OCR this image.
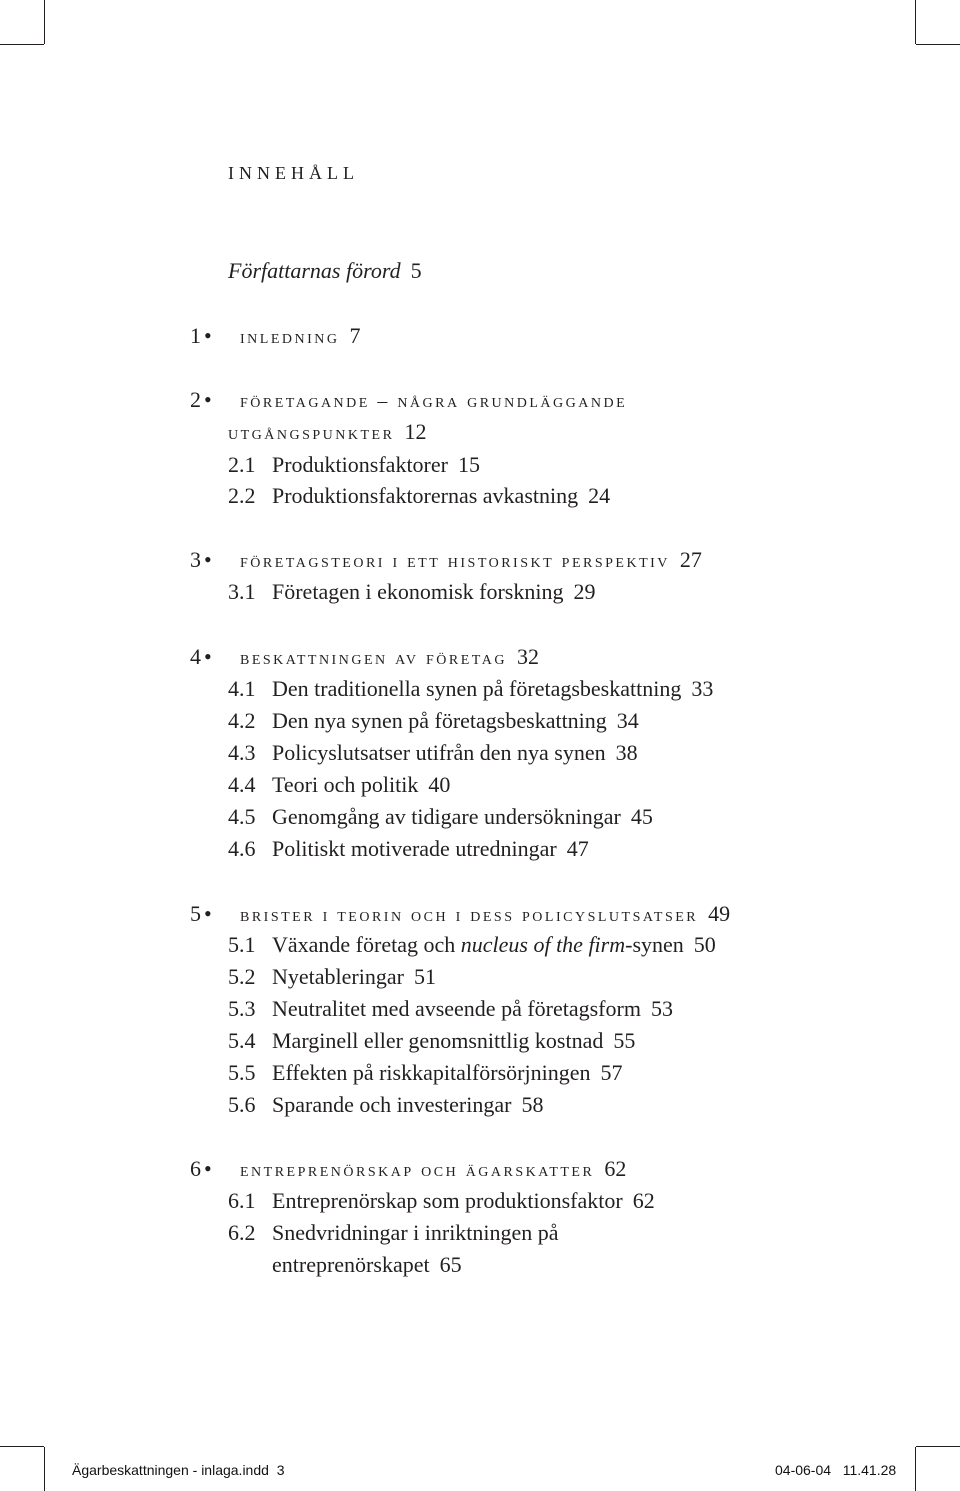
innehåll
Författarnas förord 5
1 • inledning 7
2 • företagande – några grundläggande
utgångspunkter 12
2.1 Produktionsfaktorer 15
2.2 Produktionsfaktorernas avkastning 24
3 • företagsteori i ett historiskt perspektiv 27
3.1 Företagen i ekonomisk forskning 29
4 • beskattningen av företag 32
4.1 Den traditionella synen på företagsbeskattning 33
4.2 Den nya synen på företagsbeskattning 34
4.3 Policyslutsatser utifrån den nya synen 38
4.4 Teori och politik 40
4.5 Genomgång av tidigare undersökningar 45
4.6 Politiskt motiverade utredningar 47
5 • brister i teorin och i dess policyslutsatser 49
5.1 Växande företag och nucleus of the firm-synen 50
5.2 Nyetableringar 51
5.3 Neutralitet med avseende på företagsform 53
5.4 Marginell eller genomsnittlig kostnad 55
5.5 Effekten på riskkapitalförsörjningen 57
5.6 Sparande och investeringar 58
6 • entreprenörskap och ägarskatter 62
6.1 Entreprenörskap som produktionsfaktor 62
6.2 Snedvridningar i inriktningen på
entreprenörskapet 65
Ägarbeskattningen - inlaga.indd 3	04-06-04 11.41.28
